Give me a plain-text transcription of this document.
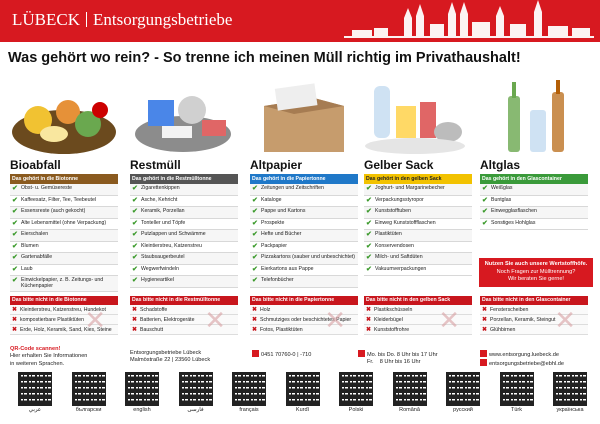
LÜBECK Entsorgungsbetriebe
Was gehört wo rein? - So trenne ich meinen Müll richtig im Privathaushalt!
Bioabfall	Restmüll	Altpapier	Gelber Sack	Altglas
Das gehört in die Biotonne
✔ Obst- u. Gemüsereste
✔ Kaffeesatz, Filter, Tee, Teebeutel
✔ Essensreste (auch gekocht)
✔ Alte Lebensmittel (ohne Verpackung)
✔ Eierschalen
✔ Blumen
✔ Gartenabfälle
✔ Laub
✔ Einwickelpapier, z. B. Zeitungs- und Küchenpapier
Das gehört in die Restmülltonne
✔ Zigarettenkippen
✔ Asche, Kehricht
✔ Keramik, Porzellan
✔ Tonteller und Töpfe
✔ Putzlappen und Schwämme
✔ Kleintierstreu, Katzenstreu
✔ Staubsaugerbeutel
✔ Wegwerfwindeln
✔ Hygieneartikel
Das gehört in die Papiertonne
✔ Zeitungen und Zeitschriften
✔ Kataloge
✔ Pappe und Kartons
✔ Prospekte
✔ Hefte und Bücher
✔ Packpapier
✔ Pizzakartons (sauber und unbeschichtet)
✔ Eierkartons aus Pappe
✔ Telefonbücher
Das gehört in den gelben Sack
✔ Joghurt- und Margarinebecher
✔ Verpackungsstyropor
✔ Kunststofftuben
✔ Einweg Kunststoffflaschen
✔ Plastiktüten
✔ Konservendosen
✔ Milch- und Saftdüten
✔ Vakuumverpackungen
Das gehört in den Glascontainer
✔ Weißglas
✔ Buntglas
✔ Einwegglasflaschen
✔ Sonstiges Hohlglas
Nutzen Sie auch unsere Wertstoffhöfe.
Noch Fragen zur Mülltrennung?
Wir beraten Sie gerne!
Das bitte nicht in die Biotonne
✖ Kleintierstreu, Katzenstreu, Hundekot
✖ kompostierbare Plastiktüten
✖ Erde, Holz, Keramik, Sand, Kies, Steine
✕
Das bitte nicht in die Restmülltonne
✖ Schadstoffe
✖ Batterien, Elektrogeräte
✖ Bauschutt	✕
Das bitte nicht in die Papiertonne
✖ Holz
✖ Schmutziges oder beschichtetes Papier
✖ Fotos, Plastiktüten ✕
Das bitte nicht in den gelben Sack
✖ Plastikschüsseln
✖ Kleiderbügel
✖ Kunststoffrohre	✕
Das bitte nicht in den Glascontainer
✖ Fensterscheiben
✖ Porzellan, Keramik, Steingut
✖ Glühbirnen	✕
QR-Code scannen!
Hier erhalten Sie Informationen
in weiteren Sprachen.
Entsorgungsbetriebe Lübeck
Malmöstraße 22 | 23560 Lübeck
0451 70760-0 | -710	Mo. bis Do. 8 Uhr bis 17 Uhr
Fr. 8 Uhr bis 16 Uhr
www.entsorgung.luebeck.de
entsorgungsbetriebe@ebhl.de
عربي	български	english	فارسی	français	Kurdî	Polski	Română	русский	Türk	українська
